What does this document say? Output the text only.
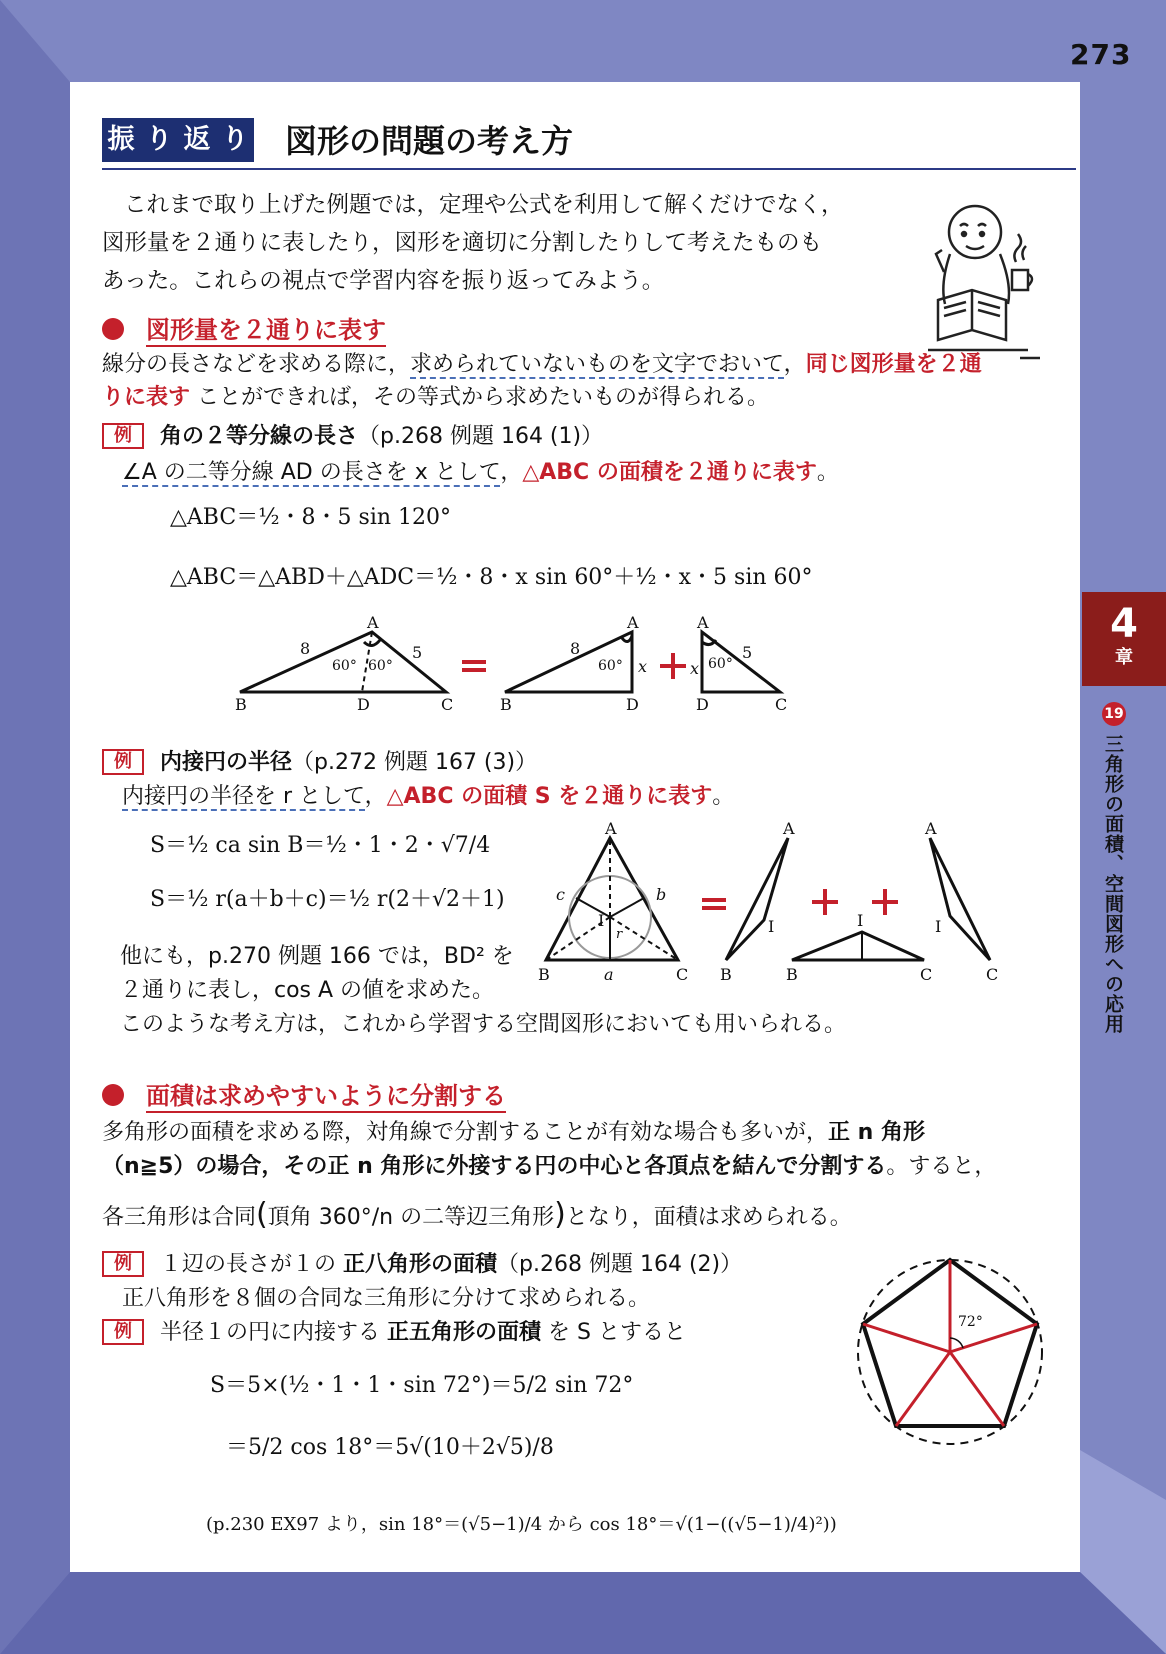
273
4
章
19
三角形の面積、空間図形への応用
振 り 返 り 図形の問題の考え方
これまで取り上げた例題では，定理や公式を利用して解くだけでなく，
図形量を２通りに表したり，図形を適切に分割したりして考えたものも
あった。これらの視点で学習内容を振り返ってみよう。
図形量を２通りに表す
線分の長さなどを求める際に，求められていないものを文字でおいて，同じ図形量を２通
りに表す ことができれば，その等式から求めたいものが得られる。
例 角の２等分線の長さ（p.268 例題 164 (1)）
∠A の二等分線 AD の長さを x として，△ABC の面積を２通りに表す。
△ABC＝½・8・5 sin 120°
△ABC＝△ABD＋△ADC＝½・8・x sin 60°＋½・x・5 sin 60°
A
B	C
D
8	5
60° 60°
A
B	D
8
60° x
A
D	C
5
60°
x
例 内接円の半径（p.272 例題 167 (3)）
内接円の半径を r として，△ABC の面積 S を２通りに表す。
S＝½ ca sin B＝½・1・2・√7/4
S＝½ r(a＋b＋c)＝½ r(2＋√2＋1)
他にも，p.270 例題 166 では，BD² を
２通りに表し，cos A の値を求めた。
このような考え方は，これから学習する空間図形においても用いられる。
A
B	C
I
a
b
c
r
A
B
I
B	C
I
A
C
I
面積は求めやすいように分割する
多角形の面積を求める際，対角線で分割することが有効な場合も多いが，正 n 角形
（n≧5）の場合，その正 n 角形に外接する円の中心と各頂点を結んで分割する。すると，
各三角形は合同(頂角 360°/n の二等辺三角形)となり，面積は求められる。
例 １辺の長さが１の 正八角形の面積（p.268 例題 164 (2)）
正八角形を８個の合同な三角形に分けて求められる。
例 半径１の円に内接する 正五角形の面積 を S とすると
S＝5×(½・1・1・sin 72°)＝5/2 sin 72°
＝5/2 cos 18°＝5√(10＋2√5)/8
(p.230 EX97 より，sin 18°＝(√5−1)/4 から cos 18°＝√(1−((√5−1)/4)²))
72°
